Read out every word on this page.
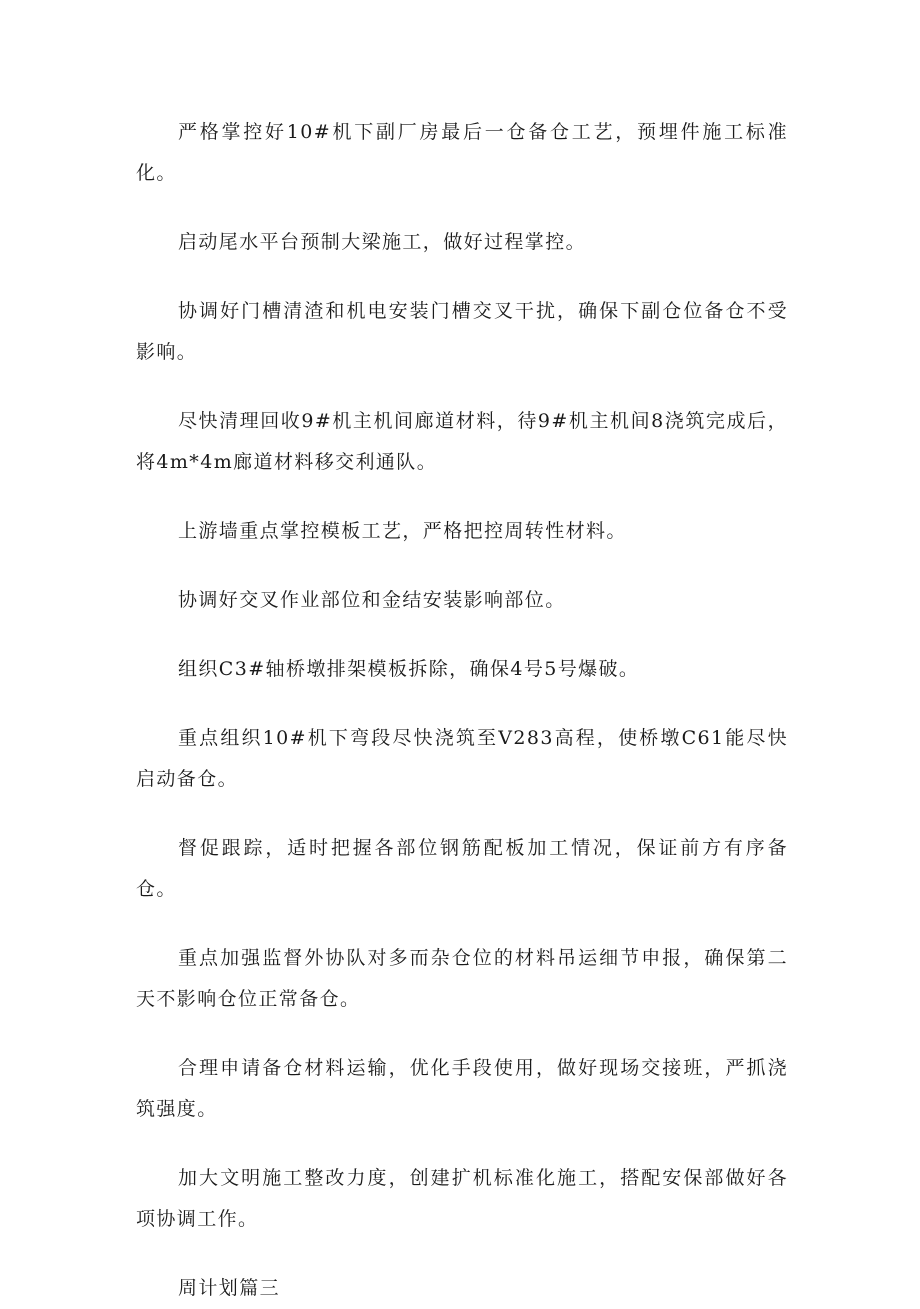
严格掌控好10#机下副厂房最后一仓备仓工艺，预埋件施工标准化。

启动尾水平台预制大梁施工，做好过程掌控。

协调好门槽清渣和机电安装门槽交叉干扰，确保下副仓位备仓不受影响。

尽快清理回收9#机主机间廊道材料，待9#机主机间8浇筑完成后，将4m*4m廊道材料移交利通队。

上游墙重点掌控模板工艺，严格把控周转性材料。

协调好交叉作业部位和金结安装影响部位。

组织C3#轴桥墩排架模板拆除，确保4号5号爆破。

重点组织10#机下弯段尽快浇筑至V283高程，使桥墩C61能尽快启动备仓。

督促跟踪，适时把握各部位钢筋配板加工情况，保证前方有序备仓。

重点加强监督外协队对多而杂仓位的材料吊运细节申报，确保第二天不影响仓位正常备仓。

合理申请备仓材料运输，优化手段使用，做好现场交接班，严抓浇筑强度。

加大文明施工整改力度，创建扩机标准化施工，搭配安保部做好各项协调工作。

周计划篇三
